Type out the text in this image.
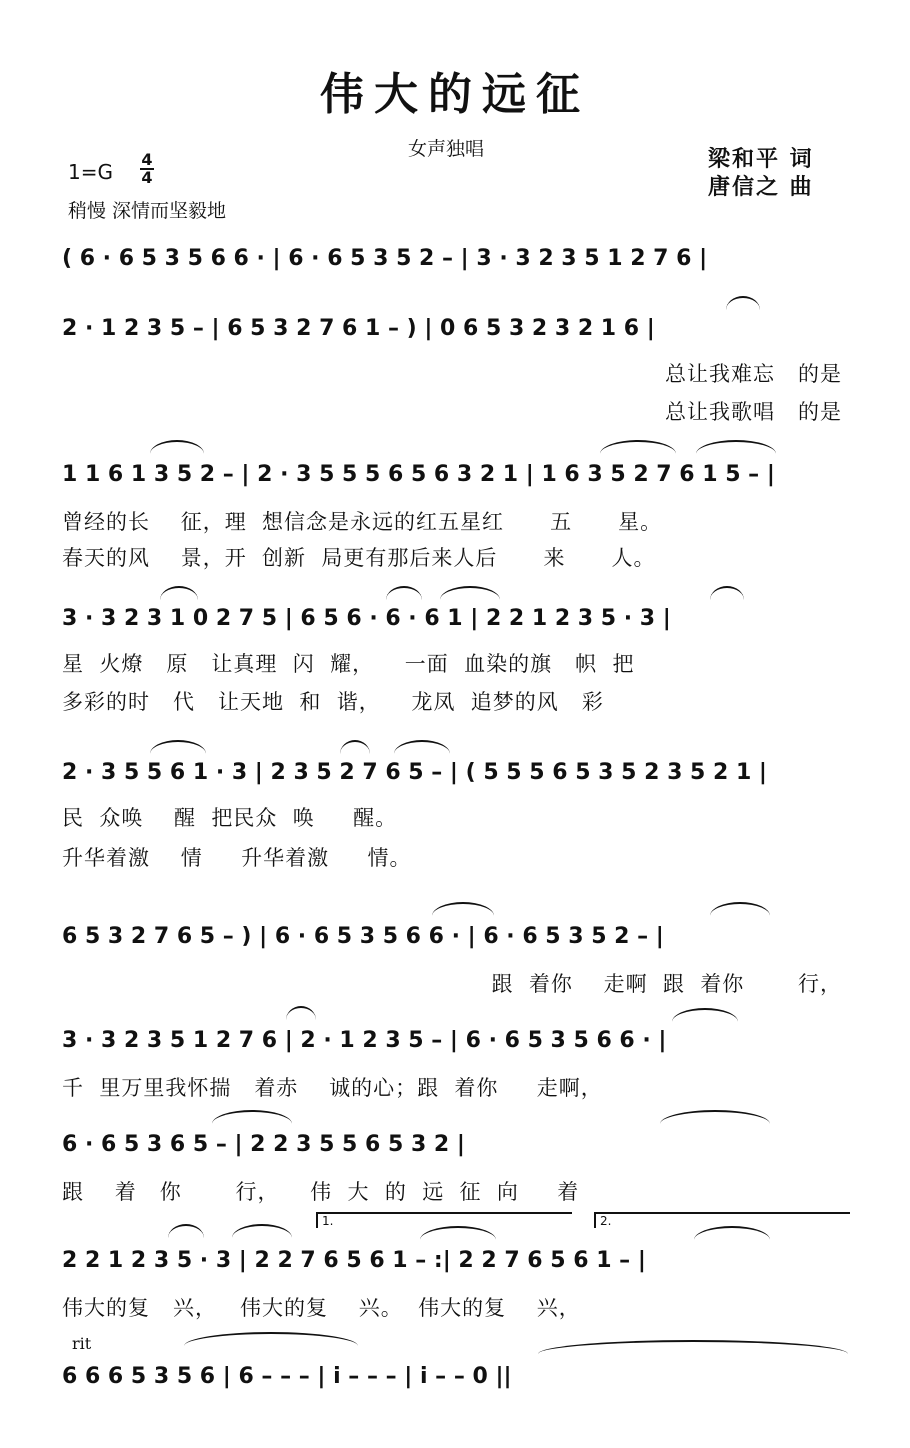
伟大的远征
女声独唱
1=G
4
4
稍慢 深情而坚毅地
梁和平 词
唐信之 曲
( 6 · 6 5 3 5 6 6 · | 6 · 6 5 3 5 2 – | 3 · 3 2 3 5 1 2 7 6 |
2 · 1 2 3 5 – | 6 5 3 2 7 6 1 – ) | 0 6 5 3 2 3 2 1 6 |
总让我难忘   的是
总让我歌唱   的是
1 1 6 1 3 5 2 – | 2 · 3 5 5 5 6 5 6 3 2 1 | 1 6 3 5 2 7 6 1 5 – |
曾经的长    征，理  想信念是永远的红五星红      五      星。
春天的风    景，开  创新  局更有那后来人后      来      人。
3 · 3 2 3 1 0 2 7 5 | 6 5 6 · 6 · 6 1 | 2 2 1 2 3 5 · 3 |
星  火燎   原   让真理  闪  耀，    一面  血染的旗   帜  把
多彩的时   代   让天地  和  谐，    龙凤  追梦的风   彩
2 · 3 5 5 6 1 · 3 | 2 3 5 2 7 6 5 – | ( 5 5 5 6 5 3 5 2 3 5 2 1 |
民  众唤    醒  把民众  唤     醒。
升华着激    情     升华着激     情。
6 5 3 2 7 6 5 – ) | 6 · 6 5 3 5 6 6 · | 6 · 6 5 3 5 2 – |
跟  着你    走啊  跟  着你       行，
3 · 3 2 3 5 1 2 7 6 | 2 · 1 2 3 5 – | 6 · 6 5 3 5 6 6 · |
千  里万里我怀揣   着赤    诚的心；跟  着你     走啊，
6 · 6 5 3 6 5 – | 2 2 3 5 5 6 5 3 2 |
跟    着   你       行，    伟  大  的  远  征  向     着
1.	2.
2 2 1 2 3 5 · 3 | 2 2 7 6 5 6 1 – :| 2 2 7 6 5 6 1 – |
伟大的复   兴，   伟大的复    兴。  伟大的复    兴，
rit
6 6 6 5 3 5 6 | 6 – – – | i – – – | i – – 0 ||
